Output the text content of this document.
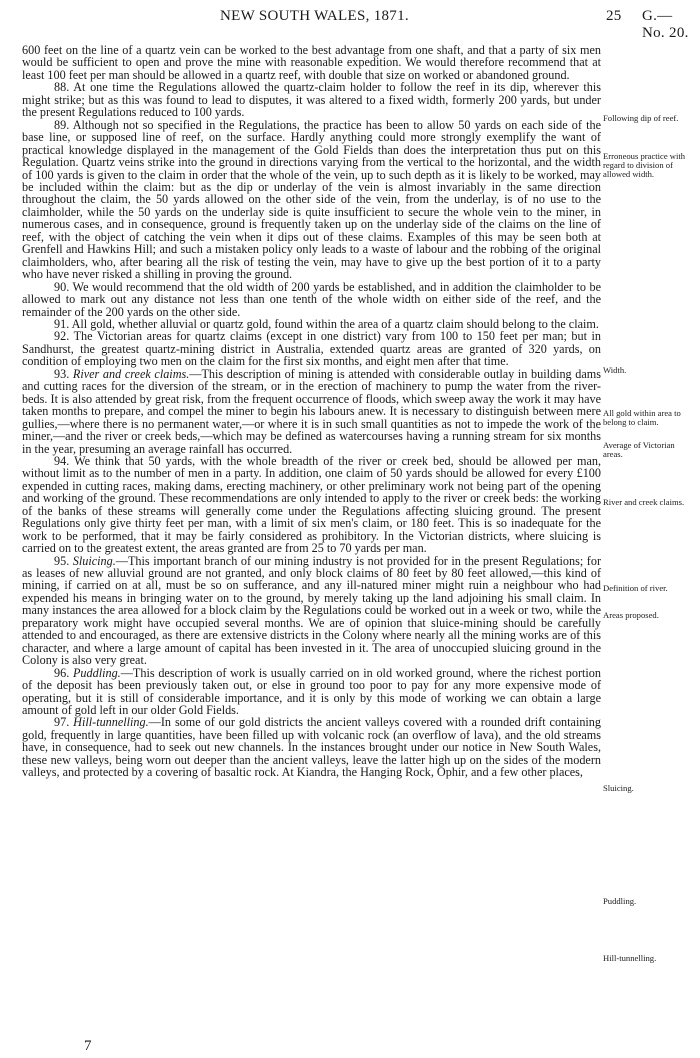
NEW SOUTH WALES, 1871.	25 G.—No. 20.

600 feet on the line of a quartz vein can be worked to the best advantage from one shaft, and that a party of six men would be sufficient to open and prove the mine with reasonable expedition. We would therefore recommend that at least 100 feet per man should be allowed in a quartz reef, with double that size on worked or abandoned ground.

88. At one time the Regulations allowed the quartz-claim holder to follow the reef in its dip, wherever this might strike; but as this was found to lead to disputes, it was altered to a fixed width, formerly 200 yards, but under the present Regulations reduced to 100 yards.

89. Although not so specified in the Regulations, the practice has been to allow 50 yards on each side of the base line, or supposed line of reef, on the surface. Hardly anything could more strongly exemplify the want of practical knowledge displayed in the management of the Gold Fields than does the interpretation thus put on this Regulation. Quartz veins strike into the ground in directions varying from the vertical to the horizontal, and the width of 100 yards is given to the claim in order that the whole of the vein, up to such depth as it is likely to be worked, may be included within the claim: but as the dip or underlay of the vein is almost invariably in the same direction throughout the claim, the 50 yards allowed on the other side of the vein, from the underlay, is of no use to the claimholder, while the 50 yards on the underlay side is quite insufficient to secure the whole vein to the miner, in numerous cases, and in consequence, ground is frequently taken up on the underlay side of the claims on the line of reef, with the object of catching the vein when it dips out of these claims. Examples of this may be seen both at Grenfell and Hawkins Hill; and such a mistaken policy only leads to a waste of labour and the robbing of the original claimholders, who, after bearing all the risk of testing the vein, may have to give up the best portion of it to a party who have never risked a shilling in proving the ground.

90. We would recommend that the old width of 200 yards be established, and in addition the claimholder to be allowed to mark out any distance not less than one tenth of the whole width on either side of the reef, and the remainder of the 200 yards on the other side.

91. All gold, whether alluvial or quartz gold, found within the area of a quartz claim should belong to the claim.

92. The Victorian areas for quartz claims (except in one district) vary from 100 to 150 feet per man; but in Sandhurst, the greatest quartz-mining district in Australia, extended quartz areas are granted of 320 yards, on condition of employing two men on the claim for the first six months, and eight men after that time.

93. River and creek claims.—This description of mining is attended with considerable outlay in building dams and cutting races for the diversion of the stream, or in the erection of machinery to pump the water from the river-beds. It is also attended by great risk, from the frequent occurrence of floods, which sweep away the work it may have taken months to prepare, and compel the miner to begin his labours anew. It is necessary to distinguish between mere gullies,—where there is no permanent water,—or where it is in such small quantities as not to impede the work of the miner,—and the river or creek beds,—which may be defined as watercourses having a running stream for six months in the year, presuming an average rainfall has occurred.

94. We think that 50 yards, with the whole breadth of the river or creek bed, should be allowed per man, without limit as to the number of men in a party. In addition, one claim of 50 yards should be allowed for every £100 expended in cutting races, making dams, erecting machinery, or other preliminary work not being part of the opening and working of the ground. These recommendations are only intended to apply to the river or creek beds: the working of the banks of these streams will generally come under the Regulations affecting sluicing ground. The present Regulations only give thirty feet per man, with a limit of six men's claim, or 180 feet. This is so inadequate for the work to be performed, that it may be fairly considered as prohibitory. In the Victorian districts, where sluicing is carried on to the greatest extent, the areas granted are from 25 to 70 yards per man.

95. Sluicing.—This important branch of our mining industry is not provided for in the present Regulations; for as leases of new alluvial ground are not granted, and only block claims of 80 feet by 80 feet allowed,—this kind of mining, if carried on at all, must be so on sufferance, and any ill-natured miner might ruin a neighbour who had expended his means in bringing water on to the ground, by merely taking up the land adjoining his small claim. In many instances the area allowed for a block claim by the Regulations could be worked out in a week or two, while the preparatory work might have occupied several months. We are of opinion that sluice-mining should be carefully attended to and encouraged, as there are extensive districts in the Colony where nearly all the mining works are of this character, and where a large amount of capital has been invested in it. The area of unoccupied sluicing ground in the Colony is also very great.

96. Puddling.—This description of work is usually carried on in old worked ground, where the richest portion of the deposit has been previously taken out, or else in ground too poor to pay for any more expensive mode of operating, but it is still of considerable importance, and it is only by this mode of working we can obtain a large amount of gold left in our older Gold Fields.

97. Hill-tunnelling.—In some of our gold districts the ancient valleys covered with a rounded drift containing gold, frequently in large quantities, have been filled up with volcanic rock (an overflow of lava), and the old streams have, in consequence, had to seek out new channels. In the instances brought under our notice in New South Wales, these new valleys, being worn out deeper than the ancient valleys, leave the latter high up on the sides of the modern valleys, and protected by a covering of basaltic rock. At Kiandra, the Hanging Rock, Ophir, and a few other places,

Following dip of reef.
Erroneous practice with regard to division of allowed width.
Width.
All gold within area to belong to claim.
Average of Victorian areas.
River and creek claims.
Definition of river.
Areas proposed.
Sluicing.
Puddling.
Hill-tunnelling.
7
